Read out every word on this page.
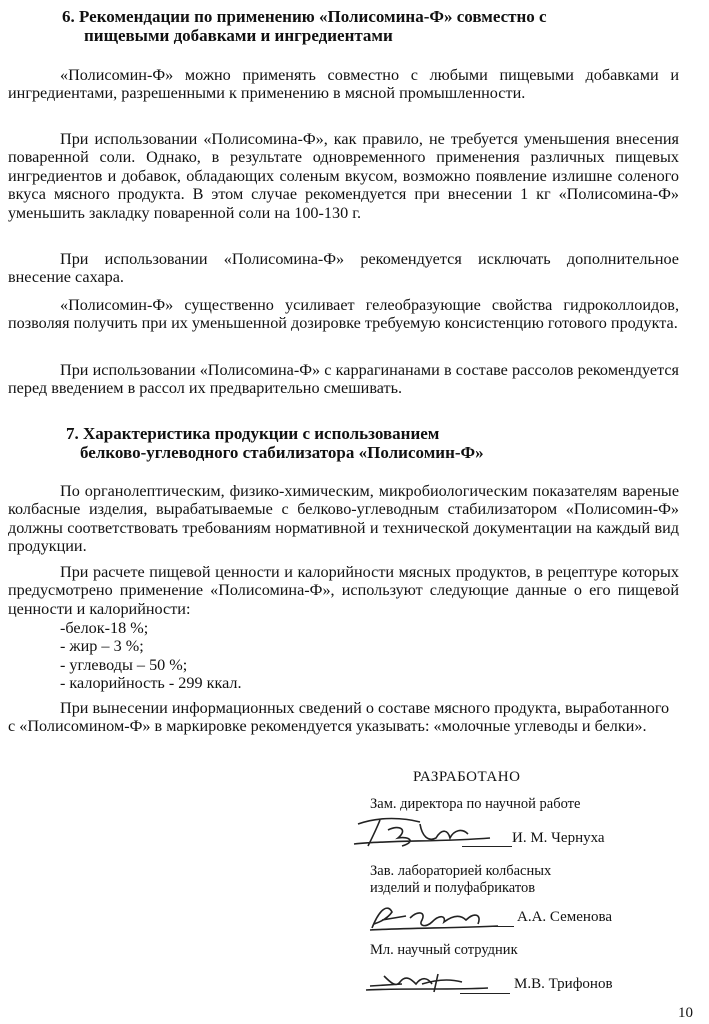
6. Рекомендации по применению «Полисомина-Ф» совместно с
пищевыми добавками и ингредиентами

«Полисомин-Ф» можно применять совместно с любыми пищевыми добавками и ингредиентами, разрешенными к применению в мясной промышленности.

При использовании «Полисомина-Ф», как правило, не требуется уменьшения внесения поваренной соли. Однако, в результате одновременного применения различных пищевых ингредиентов и добавок, обладающих соленым вкусом, возможно появление излишне соленого вкуса мясного продукта. В этом случае рекомендуется при внесении 1 кг «Полисомина-Ф» уменьшить закладку поваренной соли на 100-130 г.

При использовании «Полисомина-Ф» рекомендуется исключать дополнительное внесение сахара.

«Полисомин-Ф» существенно усиливает гелеобразующие свойства гидроколлоидов, позволяя получить при их уменьшенной дозировке требуемую консистенцию готового продукта.

При использовании «Полисомина-Ф» с каррагинанами в составе рассолов рекомендуется перед введением в рассол их предварительно смешивать.

7. Характеристика продукции с использованием
белково-углеводного стабилизатора «Полисомин-Ф»

По органолептическим, физико-химическим, микробиологическим показателям вареные колбасные изделия, вырабатываемые с белково-углеводным стабилизатором «Полисомин-Ф» должны соответствовать требованиям нормативной и технической документации на каждый вид продукции.

При расчете пищевой ценности и калорийности мясных продуктов, в рецептуре которых предусмотрено применение «Полисомина-Ф», используют следующие данные о его пищевой ценности и калорийности:

-белок-18 %;
- жир – 3 %;
- углеводы – 50 %;
- калорийность - 299 ккал.

При вынесении информационных сведений о составе мясного продукта, выработанного с «Полисомином-Ф» в маркировке рекомендуется указывать: «молочные углеводы и белки».

РАЗРАБОТАНО
Зам. директора по научной работе
И. М. Чернуха
Зав. лабораторией колбасных
изделий и полуфабрикатов
А.А. Семенова
Мл. научный сотрудник
М.В. Трифонов
10
